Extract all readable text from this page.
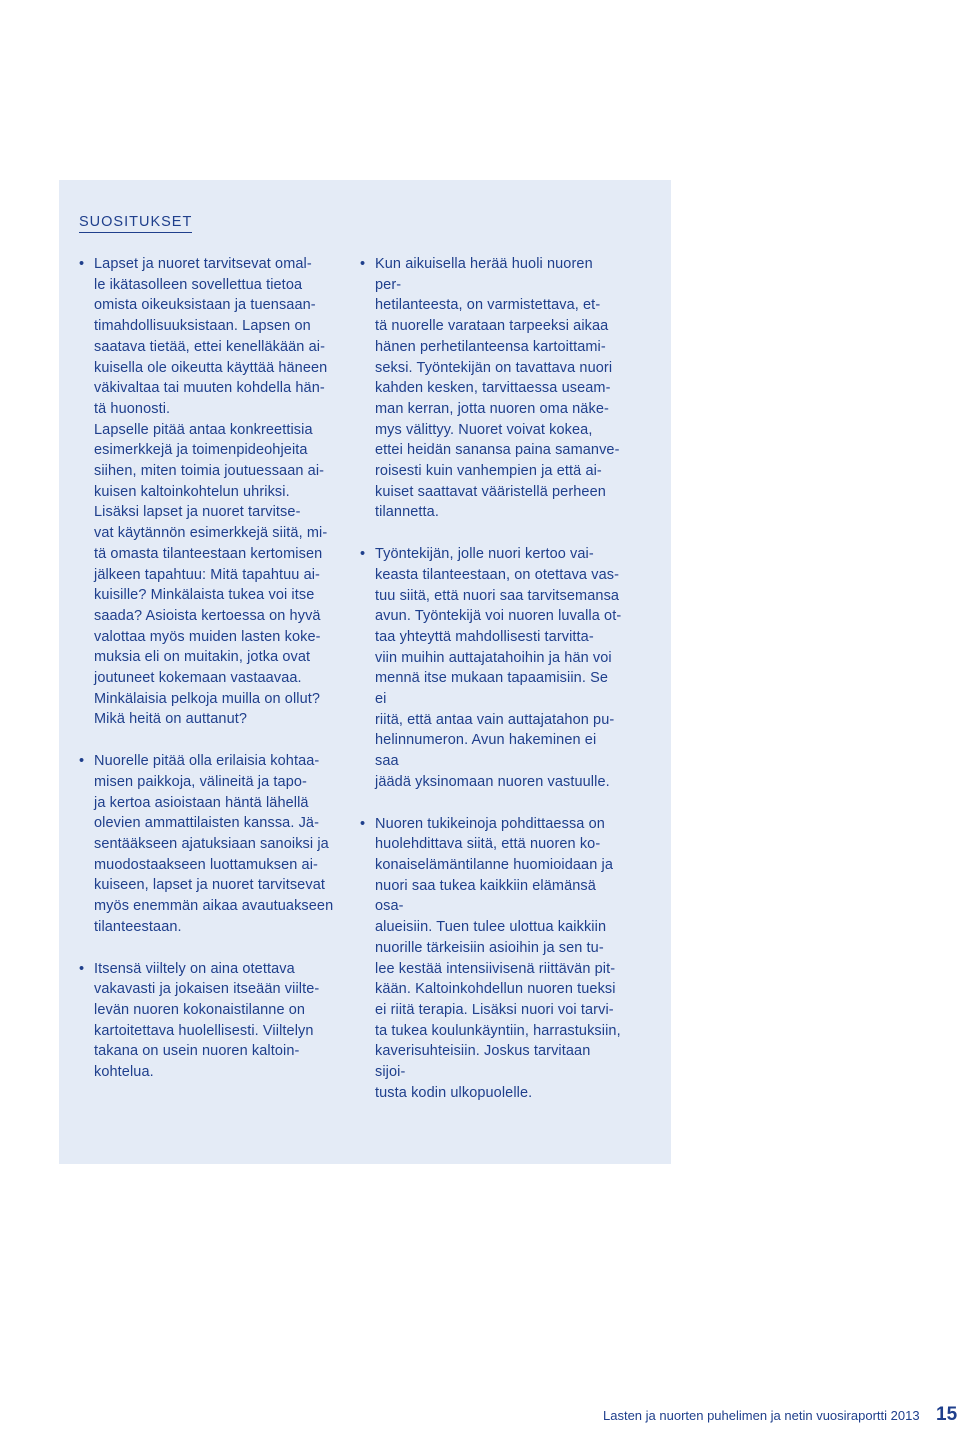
SUOSITUKSET
• Lapset ja nuoret tarvitsevat omal-
le ikätasolleen sovellettua tietoa
omista oikeuksistaan ja tuensaan-
timahdollisuuksistaan. Lapsen on
saatava tietää, ettei kenelläkään ai-
kuisella ole oikeutta käyttää häneen
väkivaltaa tai muuten kohdella hän-
tä huonosti.
Lapselle pitää antaa konkreettisia
esimerkkejä ja toimenpideohjeita
siihen, miten toimia joutuessaan ai-
kuisen kaltoinkohtelun uhriksi.
Lisäksi lapset ja nuoret tarvitse-
vat käytännön esimerkkejä siitä, mi-
tä omasta tilanteestaan kertomisen
jälkeen tapahtuu: Mitä tapahtuu ai-
kuisille? Minkälaista tukea voi itse
saada? Asioista kertoessa on hyvä
valottaa myös muiden lasten koke-
muksia eli on muitakin, jotka ovat
joutuneet kokemaan vastaavaa.
Minkälaisia pelkoja muilla on ollut?
Mikä heitä on auttanut?
• Nuorelle pitää olla erilaisia kohtaa-
misen paikkoja, välineitä ja tapo-
ja kertoa asioistaan häntä lähellä
olevien ammattilaisten kanssa. Jä-
sentääkseen ajatuksiaan sanoiksi ja
muodostaakseen luottamuksen ai-
kuiseen, lapset ja nuoret tarvitsevat
myös enemmän aikaa avautuakseen
tilanteestaan.
• Itsensä viiltely on aina otettava
vakavasti ja jokaisen itseään viilte-
levän nuoren kokonaistilanne on
kartoitettava huolellisesti. Viiltelyn
takana on usein nuoren kaltoin-
kohtelua.
• Kun aikuisella herää huoli nuoren per-
hetilanteesta, on varmistettava, et-
tä nuorelle varataan tarpeeksi aikaa
hänen perhetilanteensa kartoittami-
seksi. Työntekijän on tavattava nuori
kahden kesken, tarvittaessa useam-
man kerran, jotta nuoren oma näke-
mys välittyy. Nuoret voivat kokea,
ettei heidän sanansa paina samanve-
roisesti kuin vanhempien ja että ai-
kuiset saattavat vääristellä perheen
tilannetta.
• Työntekijän, jolle nuori kertoo vai-
keasta tilanteestaan, on otettava vas-
tuu siitä, että nuori saa tarvitsemansa
avun. Työntekijä voi nuoren luvalla ot-
taa yhteyttä mahdollisesti tarvitta-
viin muihin auttajatahoihin ja hän voi
mennä itse mukaan tapaamisiin. Se ei
riitä, että antaa vain auttajatahon pu-
helinnumeron. Avun hakeminen ei saa
jäädä yksinomaan nuoren vastuulle.
• Nuoren tukikeinoja pohdittaessa on
huolehdittava siitä, että nuoren ko-
konaiselämäntilanne huomioidaan ja
nuori saa tukea kaikkiin elämänsä osa-
alueisiin. Tuen tulee ulottua kaikkiin
nuorille tärkeisiin asioihin ja sen tu-
lee kestää intensiivisenä riittävän pit-
kään. Kaltoinkohdellun nuoren tueksi
ei riitä terapia. Lisäksi nuori voi tarvi-
ta tukea koulunkäyntiin, harrastuksiin,
kaverisuhteisiin. Joskus tarvitaan sijoi-
tusta kodin ulkopuolelle.
Lasten ja nuorten puhelimen ja netin vuosiraportti 2013 15
